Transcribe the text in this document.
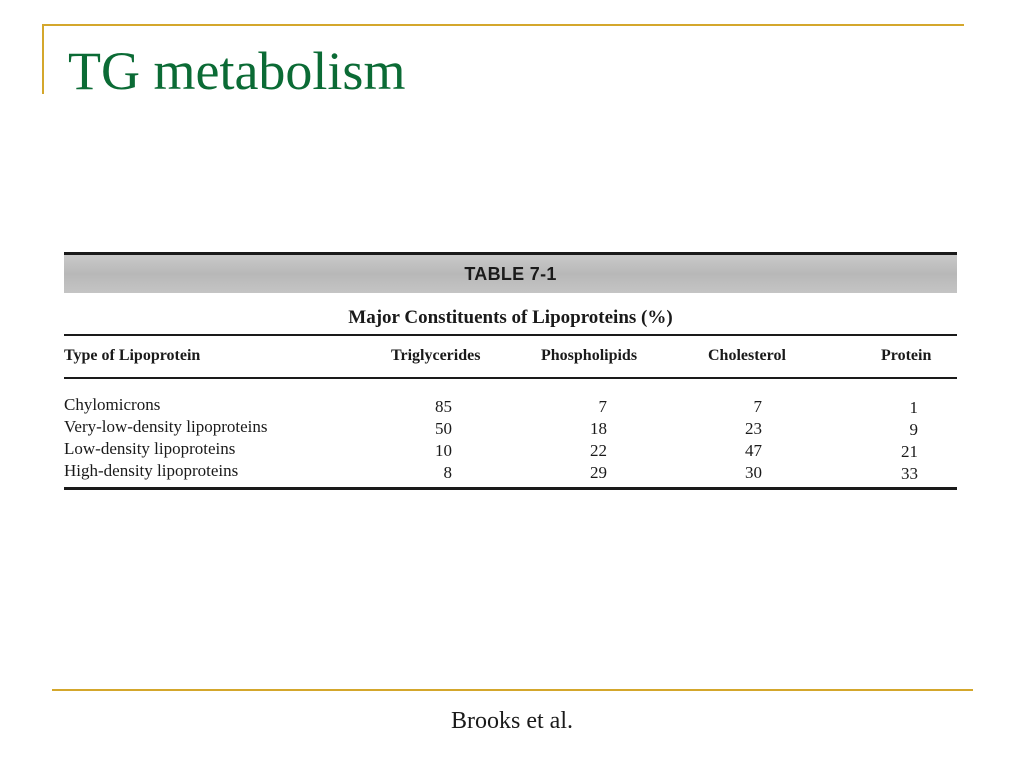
TG metabolism
TABLE 7-1
Major Constituents of Lipoproteins (%)
Type of Lipoprotein	Triglycerides	Phospholipids	Cholesterol	Protein
Chylomicrons	85	7	7	1
Very-low-density lipoproteins	50	18	23	9
Low-density lipoproteins	10	22	47	21
High-density lipoproteins	8	29	30	33
Brooks et al.
